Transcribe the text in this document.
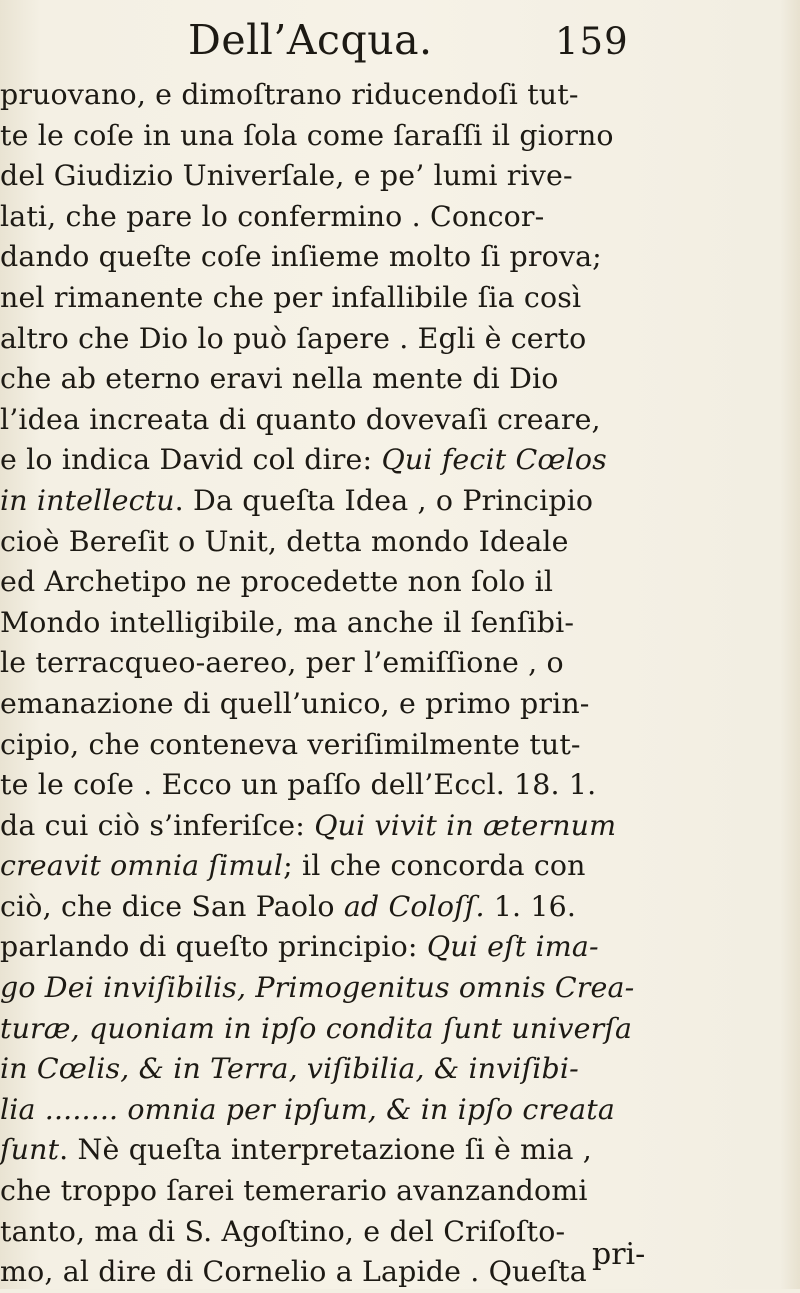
Dell’Acqua.	159
pruovano, e dimoſtrano riducendoſi tut-
te le coſe in una ſola come ſaraſſi il giorno
del Giudizio Univerſale, e pe’ lumi rive-
lati, che pare lo confermino . Concor-
dando queſte coſe inſieme molto ſi prova;
nel rimanente che per infallibile ſia così
altro che Dio lo può ſapere . Egli è certo
che ab eterno eravi nella mente di Dio
l’idea increata di quanto dovevaſi creare,
e lo indica David col dire: Qui fecit Cœlos
in intellectu. Da queſta Idea , o Principio
cioè Bereſit o Unit, detta mondo Ideale
ed Archetipo ne procedette non ſolo il
Mondo intelligibile, ma anche il ſenſibi-
le terracqueo-aereo, per l’emiſſione , o
emanazione di quell’unico, e primo prin-
cipio, che conteneva veriſimilmente tut-
te le coſe . Ecco un paſſo dell’Eccl. 18. 1.
da cui ciò s’inferiſce: Qui vivit in æternum
creavit omnia ſimul; il che concorda con
ciò, che dice San Paolo ad Coloſſ. 1. 16.
parlando di queſto principio: Qui eſt ima-
go Dei inviſibilis, Primogenitus omnis Crea-
turæ, quoniam in ipſo condita ſunt univerſa
in Cœlis, & in Terra, viſibilia, & inviſibi-
lia ........ omnia per ipſum, & in ipſo creata
ſunt. Nè queſta interpretazione ſi è mia ,
che troppo ſarei temerario avanzandomi
tanto, ma di S. Agoſtino, e del Criſoſto-
mo, al dire di Cornelio a Lapide . Queſta pri-
